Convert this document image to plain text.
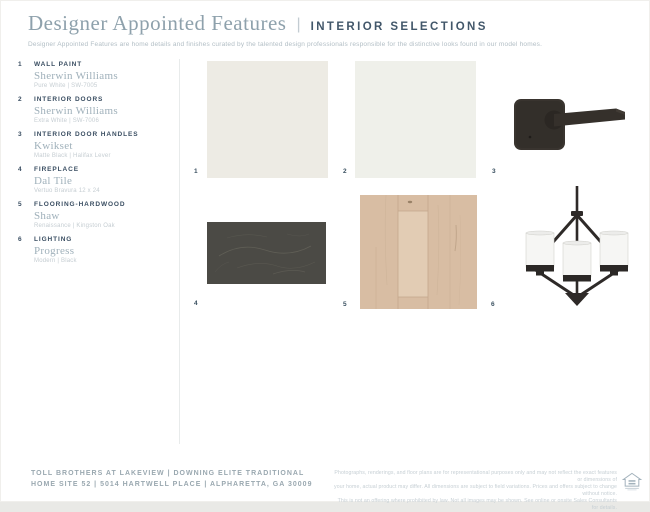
Designer Appointed Features | INTERIOR SELECTIONS

Designer Appointed Features are home details and finishes curated by the talented design professionals responsible for the distinctive looks found in our model homes.

1	WALL PAINT
Sherwin Williams
Pure White | SW-7005
2	INTERIOR DOORS
Sherwin Williams
Extra White | SW-7006
3	INTERIOR DOOR HANDLES
Kwikset
Matte Black | Halifax Lever
4	FIREPLACE
Dal Tile
Vertuo Bravura 12 x 24
5	FLOORING-HARDWOOD
Shaw
Renaissance | Kingston Oak
6	LIGHTING
Progress
Modern | Black
1	2	3
4	5	6
TOLL BROTHERS AT LAKEVIEW | DOWNING ELITE TRADITIONAL
HOME SITE 52 | 5014 HARTWELL PLACE | ALPHARETTA, GA 30009
Photographs, renderings, and floor plans are for representational purposes only and may not reflect the exact features or dimensions of
your home, actual product may differ. All dimensions are subject to field variations. Prices and offers subject to change without notice.
This is not an offering where prohibited by law. Not all images may be shown. See online or onsite Sales Consultants for details.
